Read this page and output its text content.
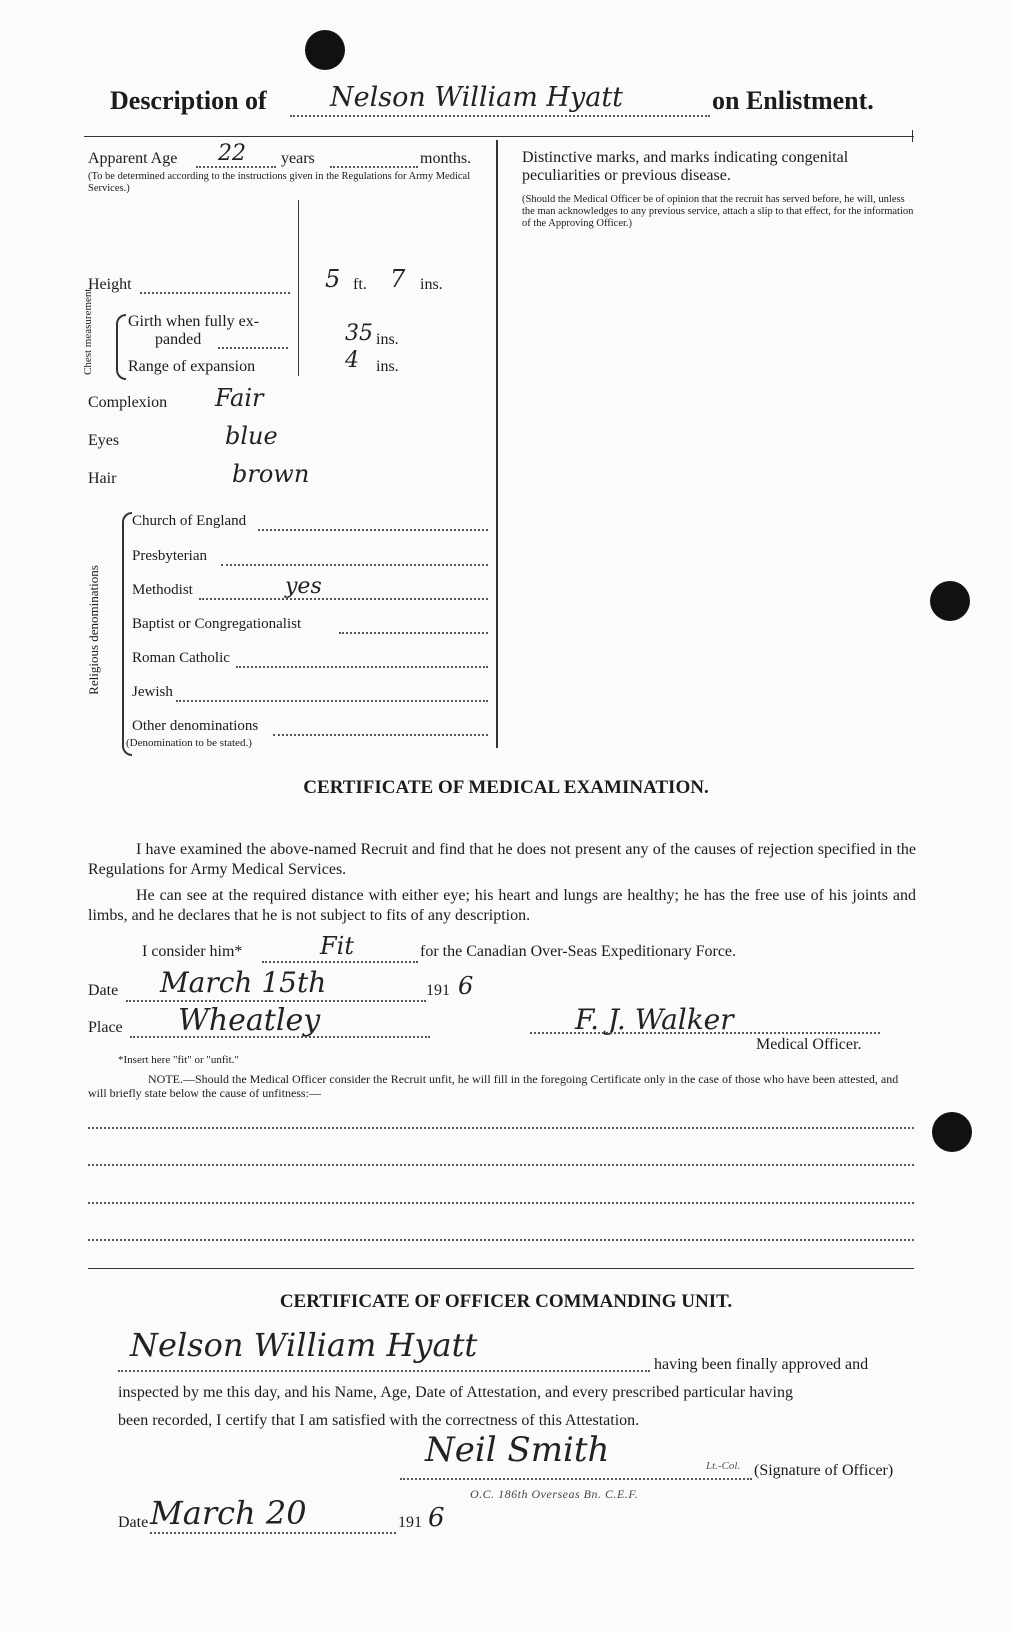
Description of Nelson William Hyatt	on Enlistment.
Apparent Age 22 years	months.
(To be determined according to the instructions given in the Regulations for Army Medical Services.)
Height	5 ft. 7 ins.
Chest measurement Girth when fully ex-
panded	35 ins.
Range of expansion	4 ins.
Complexion Fair
Eyes	blue
Hair	brown
Religious denominations
Church of England
Presbyterian
Methodist	yes
Baptist or Congregationalist
Roman Catholic
Jewish
Other denominations
(Denomination to be stated.)
Distinctive marks, and marks indicating congenital peculiarities or previous disease.
(Should the Medical Officer be of opinion that the recruit has served before, he will, unless the man acknowledges to any previous service, attach a slip to that effect, for the information of the Approving Officer.)
CERTIFICATE OF MEDICAL EXAMINATION.
I have examined the above-named Recruit and find that he does not present any of the causes of rejection specified in the Regulations for Army Medical Services.
He can see at the required distance with either eye; his heart and lungs are healthy; he has the free use of his joints and limbs, and he declares that he is not subject to fits of any description.
I consider him*	Fit	for the Canadian Over-Seas Expeditionary Force.
Date March 15th	191 6
Place Wheatley	F. J. Walker
Medical Officer.
*Insert here "fit" or "unfit."
NOTE.—Should the Medical Officer consider the Recruit unfit, he will fill in the foregoing Certificate only in the case of those who have been attested, and will briefly state below the cause of unfitness:—
CERTIFICATE OF OFFICER COMMANDING UNIT.
Nelson William Hyatt
having been finally approved and
inspected by me this day, and his Name, Age, Date of Attestation, and every prescribed particular having
been recorded, I certify that I am satisfied with the correctness of this Attestation.
Neil Smith	Lt.-Col. (Signature of Officer)
O.C. 186th Overseas Bn. C.E.F.
Date March 20	191 6
